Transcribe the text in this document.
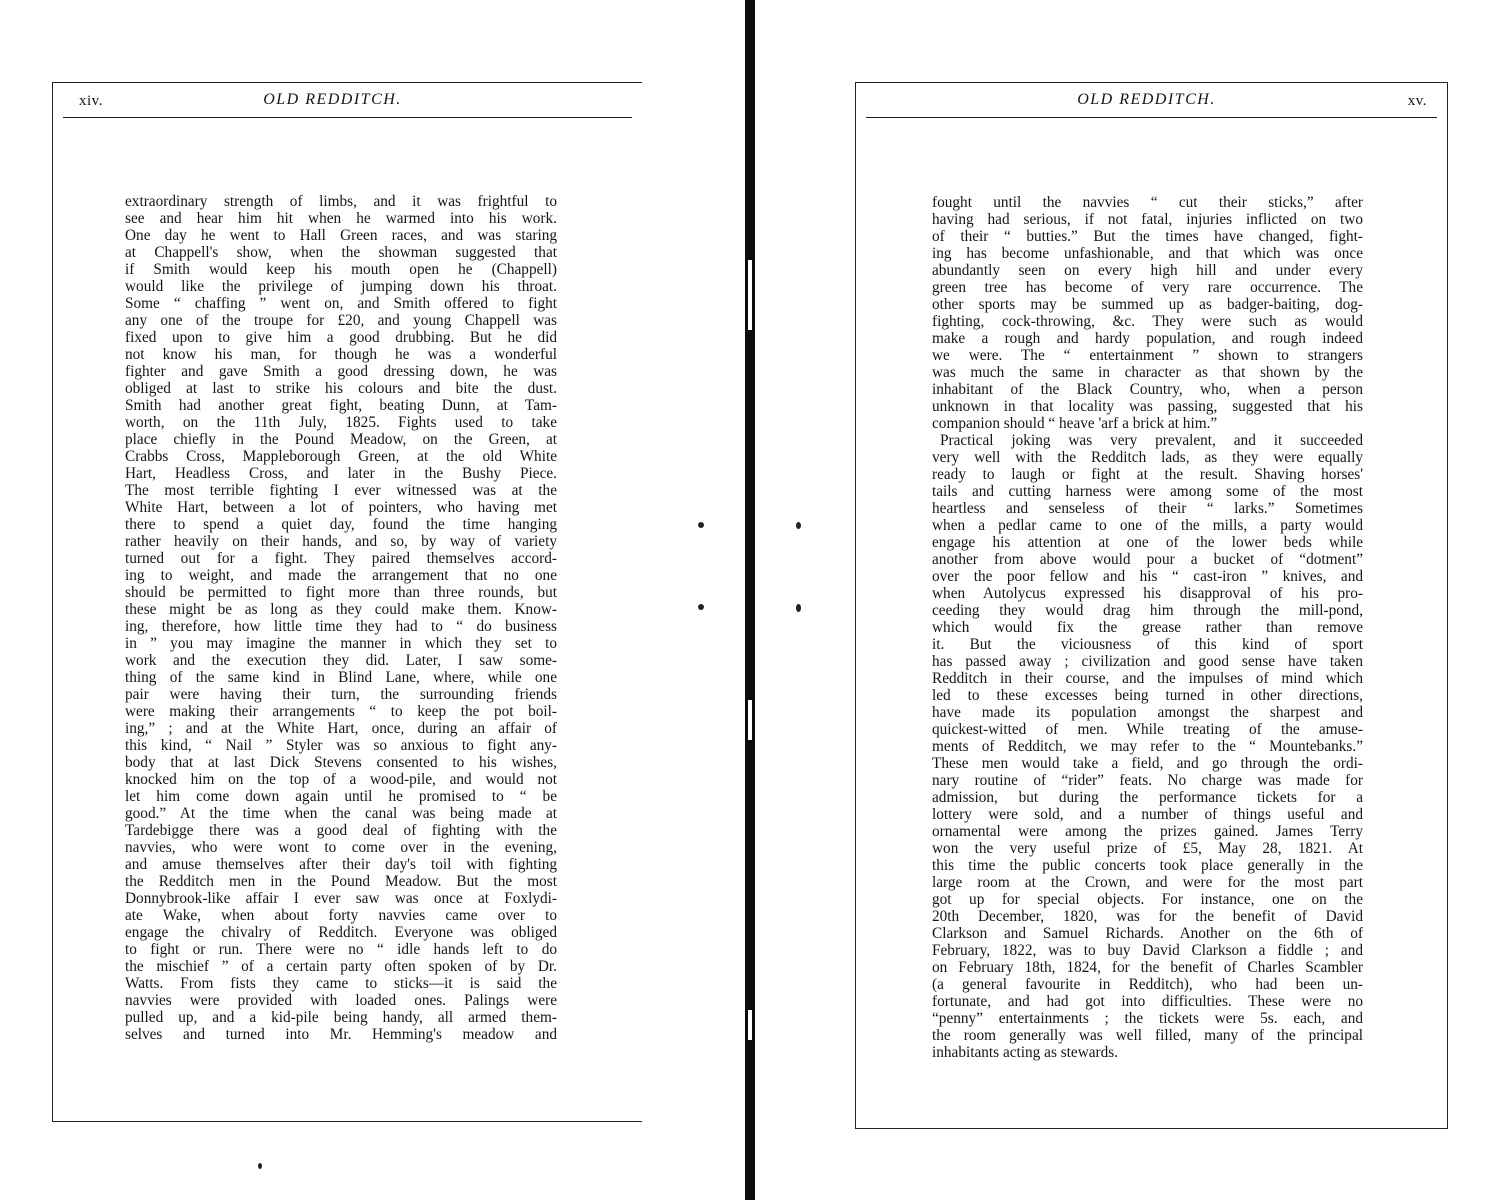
xiv.	OLD REDDITCH.
extraordinary strength of limbs, and it was frightful to
see and hear him hit when he warmed into his work.
One day he went to Hall Green races, and was staring
at Chappell's show, when the showman suggested that
if Smith would keep his mouth open he (Chappell)
would like the privilege of jumping down his throat.
Some “ chaffing ” went on, and Smith offered to fight
any one of the troupe for £20, and young Chappell was
fixed upon to give him a good drubbing. But he did
not know his man, for though he was a wonderful
fighter and gave Smith a good dressing down, he was
obliged at last to strike his colours and bite the dust.
Smith had another great fight, beating Dunn, at Tam-
worth, on the 11th July, 1825. Fights used to take
place chiefly in the Pound Meadow, on the Green, at
Crabbs Cross, Mappleborough Green, at the old White
Hart, Headless Cross, and later in the Bushy Piece.
The most terrible fighting I ever witnessed was at the
White Hart, between a lot of pointers, who having met
there to spend a quiet day, found the time hanging
rather heavily on their hands, and so, by way of variety
turned out for a fight. They paired themselves accord-
ing to weight, and made the arrangement that no one
should be permitted to fight more than three rounds, but
these might be as long as they could make them. Know-
ing, therefore, how little time they had to “ do business
in ” you may imagine the manner in which they set to
work and the execution they did. Later, I saw some-
thing of the same kind in Blind Lane, where, while one
pair were having their turn, the surrounding friends
were making their arrangements “ to keep the pot boil-
ing,” ; and at the White Hart, once, during an affair of
this kind, “ Nail ” Styler was so anxious to fight any-
body that at last Dick Stevens consented to his wishes,
knocked him on the top of a wood-pile, and would not
let him come down again until he promised to “ be
good.” At the time when the canal was being made at
Tardebigge there was a good deal of fighting with the
navvies, who were wont to come over in the evening,
and amuse themselves after their day's toil with fighting
the Redditch men in the Pound Meadow. But the most
Donnybrook-like affair I ever saw was once at Foxlydi-
ate Wake, when about forty navvies came over to
engage the chivalry of Redditch. Everyone was obliged
to fight or run. There were no “ idle hands left to do
the mischief ” of a certain party often spoken of by Dr.
Watts. From fists they came to sticks—it is said the
navvies were provided with loaded ones. Palings were
pulled up, and a kid-pile being handy, all armed them-
selves and turned into Mr. Hemming's meadow and
OLD REDDITCH.	xv.
fought until the navvies “ cut their sticks,” after
having had serious, if not fatal, injuries inflicted on two
of their “ butties.” But the times have changed, fight-
ing has become unfashionable, and that which was once
abundantly seen on every high hill and under every
green tree has become of very rare occurrence. The
other sports may be summed up as badger-baiting, dog-
fighting, cock-throwing, &c. They were such as would
make a rough and hardy population, and rough indeed
we were. The “ entertainment ” shown to strangers
was much the same in character as that shown by the
inhabitant of the Black Country, who, when a person
unknown in that locality was passing, suggested that his
companion should “ heave 'arf a brick at him.”
Practical joking was very prevalent, and it succeeded
very well with the Redditch lads, as they were equally
ready to laugh or fight at the result. Shaving horses'
tails and cutting harness were among some of the most
heartless and senseless of their “ larks.” Sometimes
when a pedlar came to one of the mills, a party would
engage his attention at one of the lower beds while
another from above would pour a bucket of “dotment”
over the poor fellow and his “ cast-iron ” knives, and
when Autolycus expressed his disapproval of his pro-
ceeding they would drag him through the mill-pond,
which would fix the grease rather than remove
it. But the viciousness of this kind of sport
has passed away ; civilization and good sense have taken
Redditch in their course, and the impulses of mind which
led to these excesses being turned in other directions,
have made its population amongst the sharpest and
quickest-witted of men. While treating of the amuse-
ments of Redditch, we may refer to the “ Mountebanks.”
These men would take a field, and go through the ordi-
nary routine of “rider” feats. No charge was made for
admission, but during the performance tickets for a
lottery were sold, and a number of things useful and
ornamental were among the prizes gained. James Terry
won the very useful prize of £5, May 28, 1821. At
this time the public concerts took place generally in the
large room at the Crown, and were for the most part
got up for special objects. For instance, one on the
20th December, 1820, was for the benefit of David
Clarkson and Samuel Richards. Another on the 6th of
February, 1822, was to buy David Clarkson a fiddle ; and
on February 18th, 1824, for the benefit of Charles Scambler
(a general favourite in Redditch), who had been un-
fortunate, and had got into difficulties. These were no
“penny” entertainments ; the tickets were 5s. each, and
the room generally was well filled, many of the principal
inhabitants acting as stewards.
